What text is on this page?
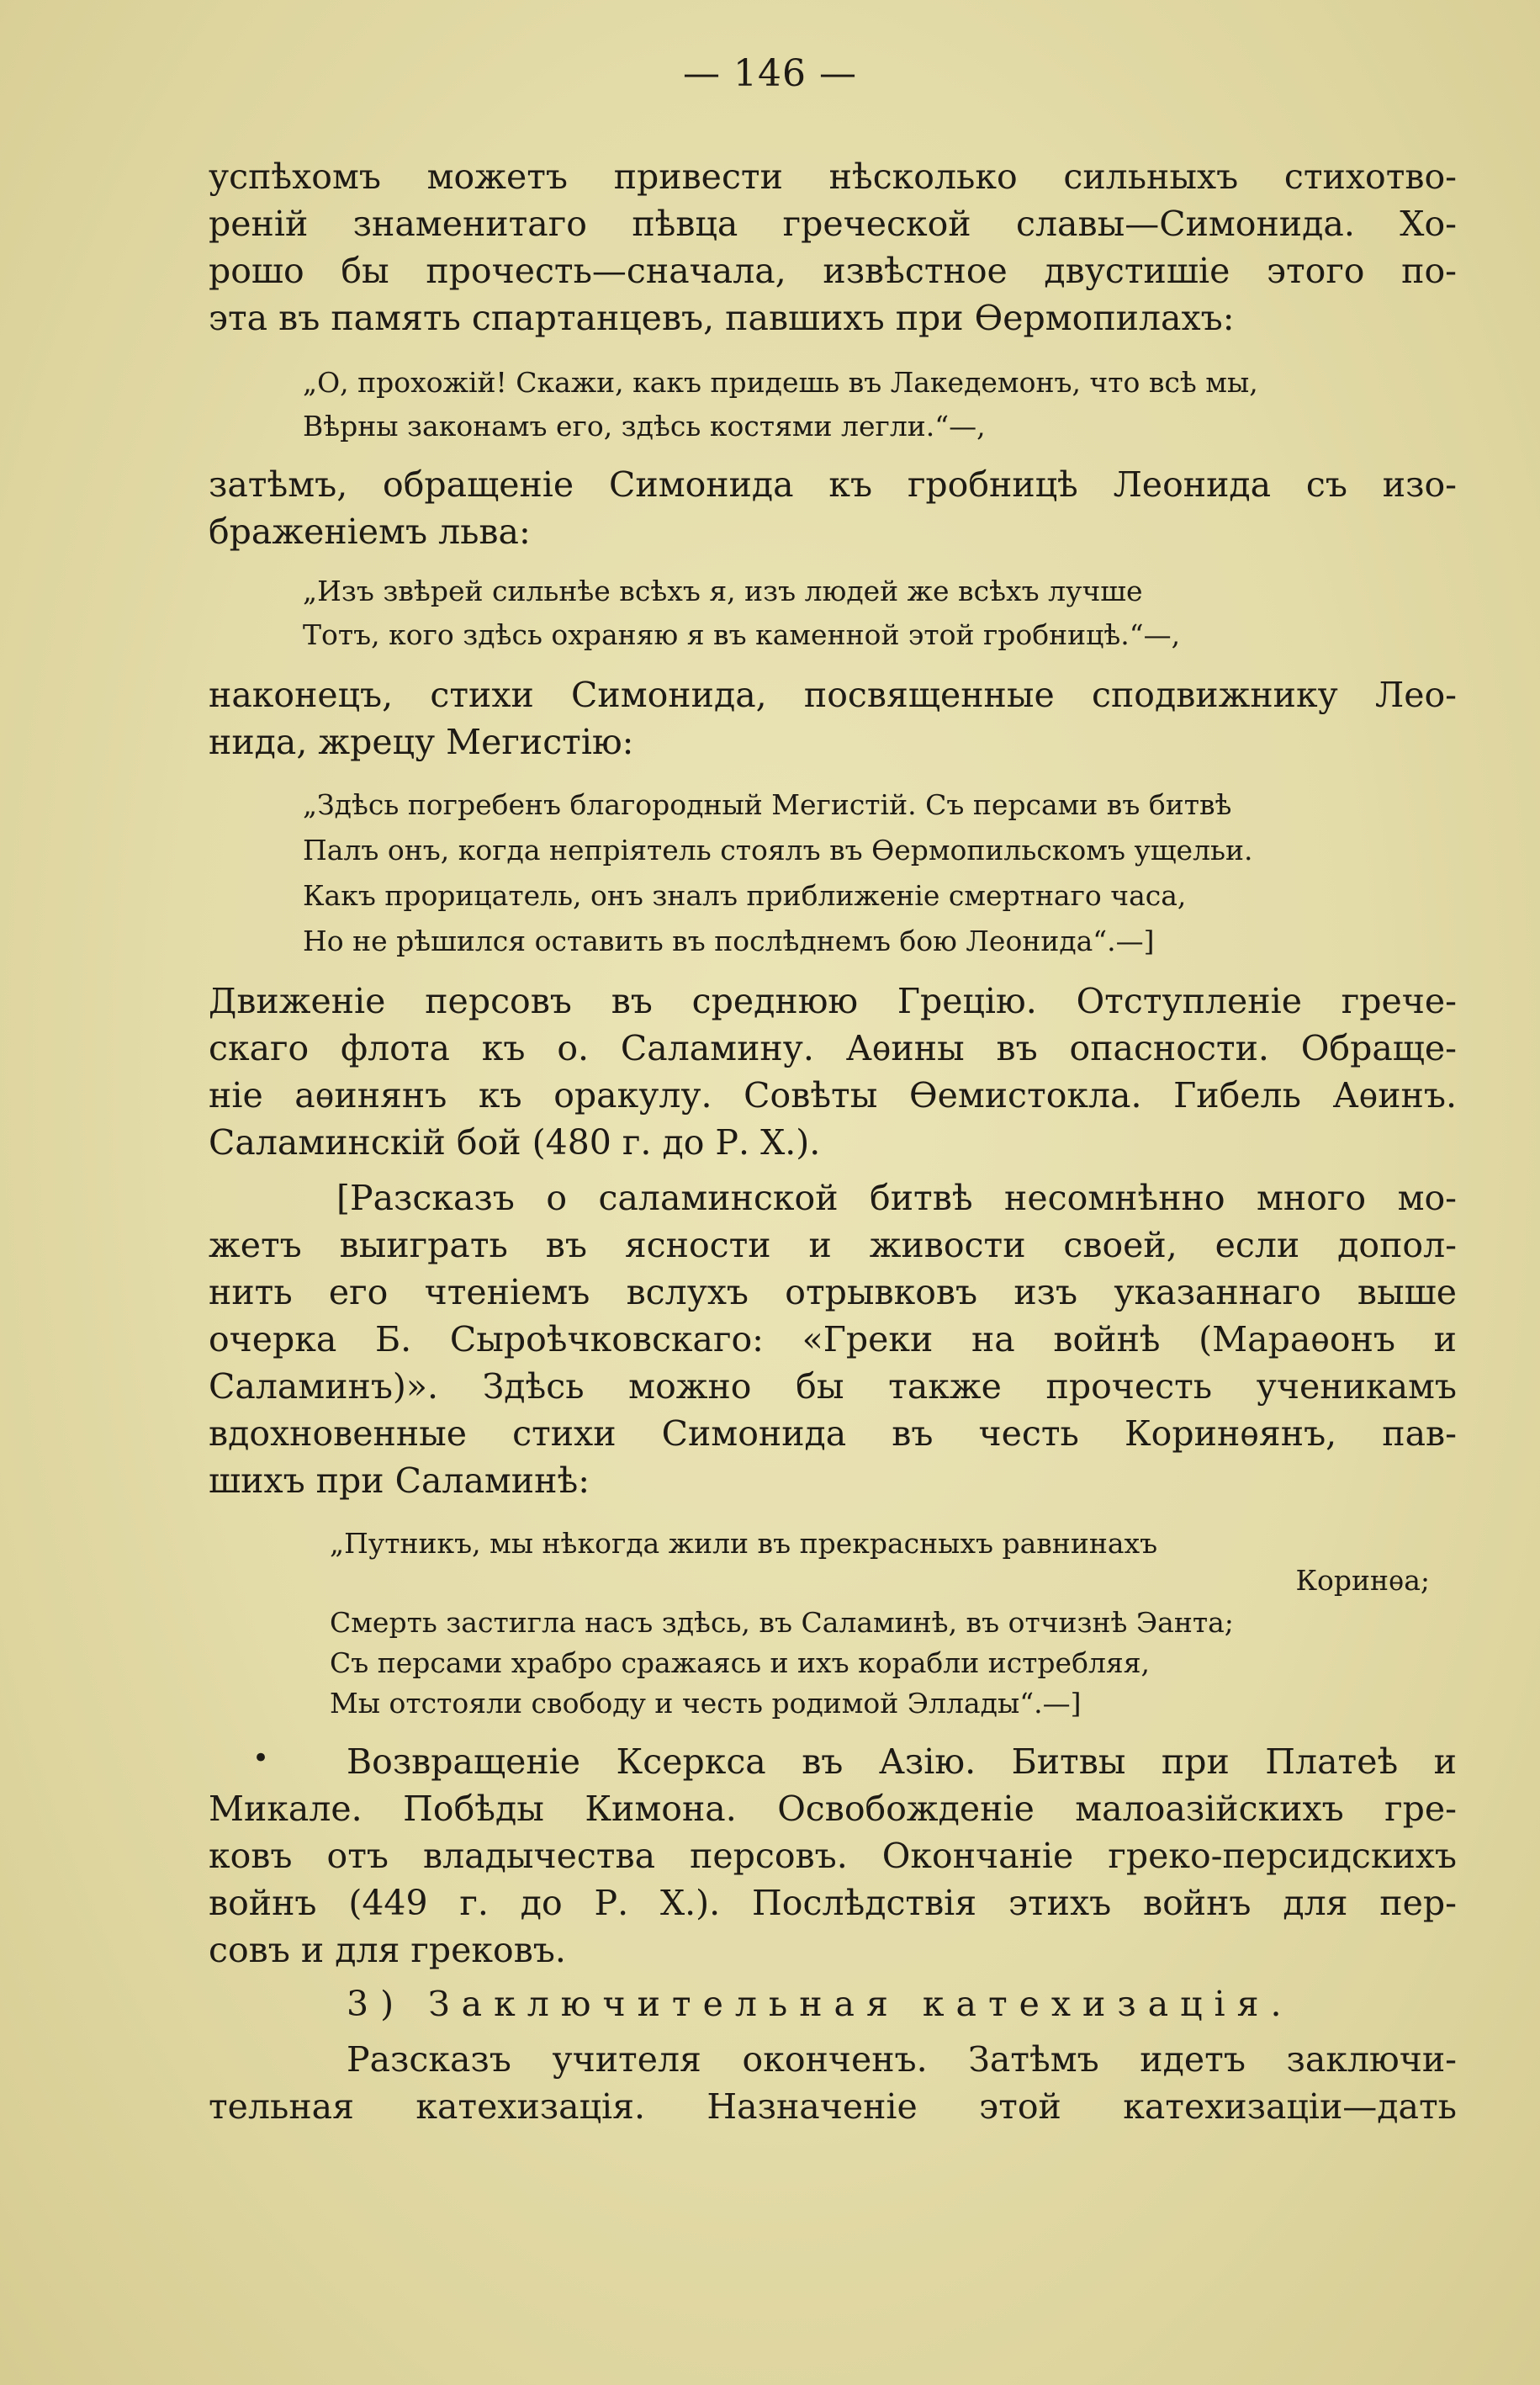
— 146 —
успѣхомъ можетъ привести нѣсколько сильныхъ стихотво-
ренiй знаменитаго пѣвца греческой славы—Симонида. Хо-
рошо бы прочесть—сначала, извѣстное двустишiе этого по-
эта въ память спартанцевъ, павшихъ при Ѳермопилахъ:
„О, прохожiй! Скажи, какъ придешь въ Лакедемонъ, что всѣ мы,
Вѣрны законамъ его, здѣсь костями легли.“—,
затѣмъ, обращенiе Симонида къ гробницѣ Леонида съ изо-
браженiемъ льва:
„Изъ звѣрей сильнѣе всѣхъ я, изъ людей же всѣхъ лучше
Тотъ, кого здѣсь охраняю я въ каменной этой гробницѣ.“—,
наконецъ, стихи Симонида, посвященные сподвижнику Лео-
нида, жрецу Мегистiю:
„Здѣсь погребенъ благородный Мегистiй. Съ персами въ битвѣ
Палъ онъ, когда непрiятель стоялъ въ Ѳермопильскомъ ущельи.
Какъ прорицатель, онъ зналъ приближенiе смертнаго часа,
Но не рѣшился оставить въ послѣднемъ бою Леонида“.—]
Движенiе персовъ въ среднюю Грецiю. Отступленiе грече-
скаго флота къ о. Саламину. Аѳины въ опасности. Обраще-
нiе аѳинянъ къ оракулу. Совѣты Ѳемистокла. Гибель Аѳинъ.
Саламинскiй бой (480 г. до Р. Х.).
[Разсказъ о саламинской битвѣ несомнѣнно много мо-
жетъ выиграть въ ясности и живости своей, если допол-
нить его чтенiемъ вслухъ отрывковъ изъ указаннаго выше
очерка Б. Сыроѣчковскаго: «Греки на войнѣ (Мараѳонъ и
Саламинъ)». Здѣсь можно бы также прочесть ученикамъ
вдохновенные стихи Симонида въ честь Коринѳянъ, пав-
шихъ при Саламинѣ:
„Путникъ, мы нѣкогда жили въ прекрасныхъ равнинахъ
Коринѳа;
Смерть застигла насъ здѣсь, въ Саламинѣ, въ отчизнѣ Эанта;
Съ персами храбро сражаясь и ихъ корабли истребляя,
Мы отстояли свободу и честь родимой Эллады“.—]
• Возвращенiе Ксеркса въ Азiю. Битвы при Платеѣ и
Микале. Побѣды Кимона. Освобожденiе малоазiйскихъ гре-
ковъ отъ владычества персовъ. Окончанiе греко-персидскихъ
войнъ (449 г. до Р. Х.). Послѣдствiя этихъ войнъ для пер-
совъ и для грековъ.
3) Заключительная катехизацiя.
Разсказъ учителя оконченъ. Затѣмъ идетъ заключи-
тельная катехизацiя. Назначенiе этой катехизацiи—дать
